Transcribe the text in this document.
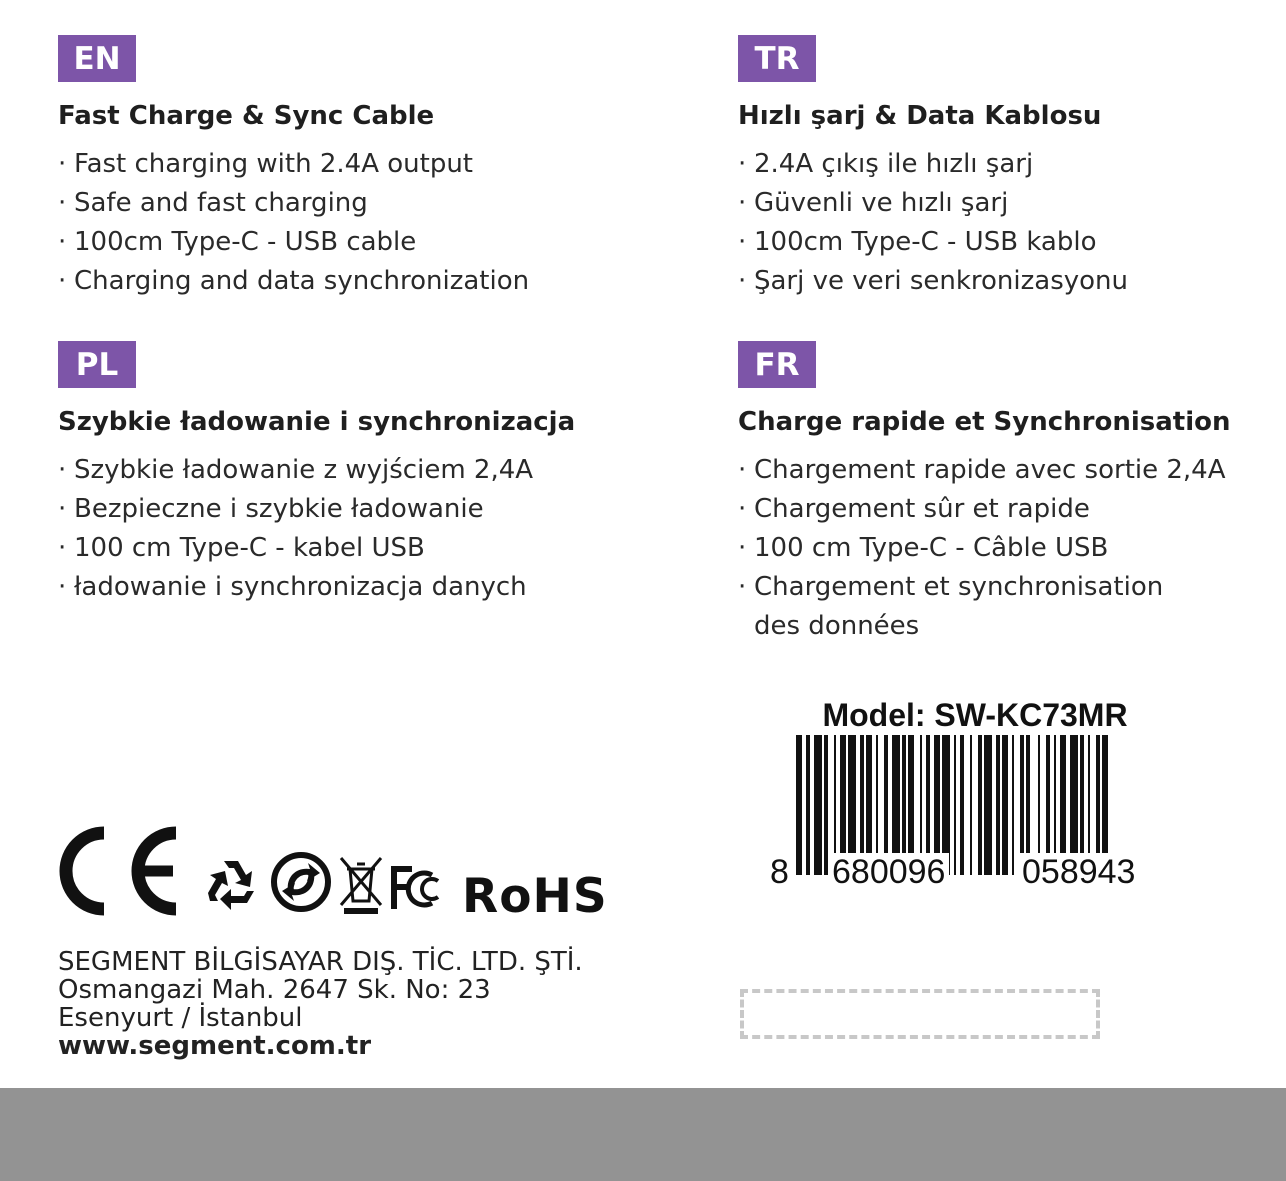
EN
Fast Charge & Sync Cable
· Fast charging with 2.4A output
· Safe and fast charging
· 100cm Type-C - USB cable
· Charging and data synchronization
TR
Hızlı şarj & Data Kablosu
· 2.4A çıkış ile hızlı şarj
· Güvenli ve hızlı şarj
· 100cm Type-C - USB kablo
· Şarj ve veri senkronizasyonu
PL
Szybkie ładowanie i synchronizacja
· Szybkie ładowanie z wyjściem 2,4A
· Bezpieczne i szybkie ładowanie
· 100 cm Type-C - kabel USB
· ładowanie i synchronizacja danych
FR
Charge rapide et Synchronisation
· Chargement rapide avec sortie 2,4A
· Chargement sûr et rapide
· 100 cm Type-C - Câble USB
· Chargement et synchronisation
des données
RoHS
SEGMENT BİLGİSAYAR DIŞ. TİC. LTD. ŞTİ.
Osmangazi Mah. 2647 Sk. No: 23
Esenyurt / İstanbul
www.segment.com.tr
Model: SW-KC73MR
8 680096 058943
